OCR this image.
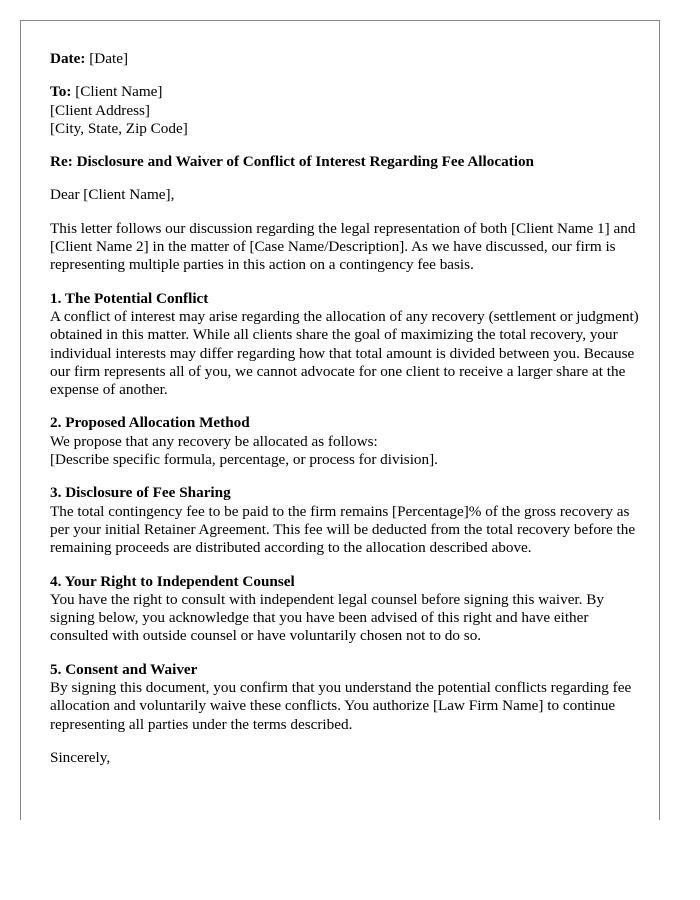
Date: [Date]

To: [Client Name]
[Client Address]
[City, State, Zip Code]

Re: Disclosure and Waiver of Conflict of Interest Regarding Fee Allocation

Dear [Client Name],

This letter follows our discussion regarding the legal representation of both [Client Name 1] and [Client Name 2] in the matter of [Case Name/Description]. As we have discussed, our firm is representing multiple parties in this action on a contingency fee basis.

1. The Potential Conflict
A conflict of interest may arise regarding the allocation of any recovery (settlement or judgment) obtained in this matter. While all clients share the goal of maximizing the total recovery, your individual interests may differ regarding how that total amount is divided between you. Because our firm represents all of you, we cannot advocate for one client to receive a larger share at the expense of another.

2. Proposed Allocation Method
We propose that any recovery be allocated as follows:
[Describe specific formula, percentage, or process for division].

3. Disclosure of Fee Sharing
The total contingency fee to be paid to the firm remains [Percentage]% of the gross recovery as per your initial Retainer Agreement. This fee will be deducted from the total recovery before the remaining proceeds are distributed according to the allocation described above.

4. Your Right to Independent Counsel
You have the right to consult with independent legal counsel before signing this waiver. By signing below, you acknowledge that you have been advised of this right and have either consulted with outside counsel or have voluntarily chosen not to do so.

5. Consent and Waiver
By signing this document, you confirm that you understand the potential conflicts regarding fee allocation and voluntarily waive these conflicts. You authorize [Law Firm Name] to continue representing all parties under the terms described.

Sincerely,
